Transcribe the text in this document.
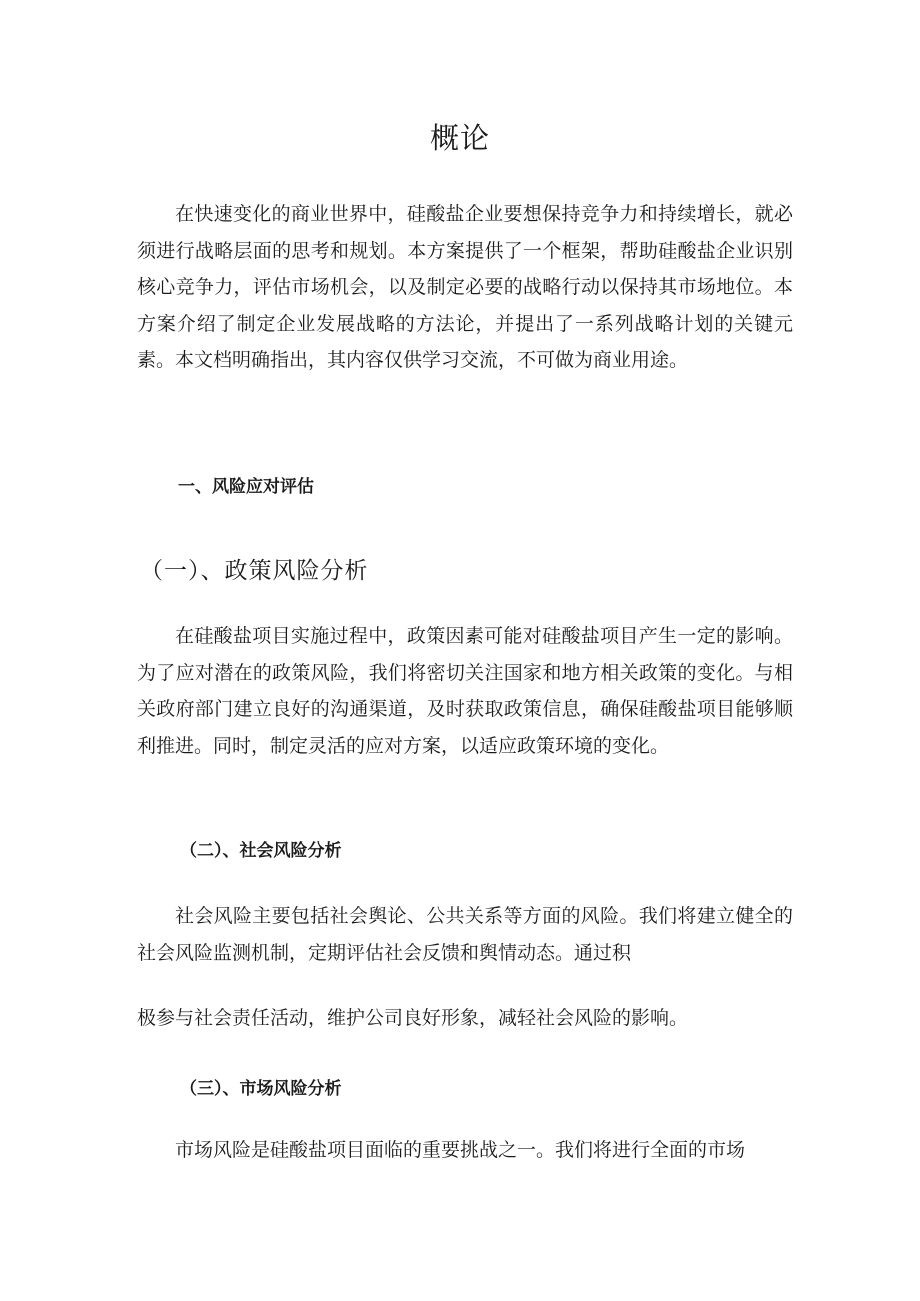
概论

在快速变化的商业世界中，硅酸盐企业要想保持竞争力和持续增长，就必须进行战略层面的思考和规划。本方案提供了一个框架，帮助硅酸盐企业识别核心竞争力，评估市场机会，以及制定必要的战略行动以保持其市场地位。本方案介绍了制定企业发展战略的方法论，并提出了一系列战略计划的关键元素。本文档明确指出，其内容仅供学习交流，不可做为商业用途。

一、风险应对评估
（一）、政策风险分析

在硅酸盐项目实施过程中，政策因素可能对硅酸盐项目产生一定的影响。为了应对潜在的政策风险，我们将密切关注国家和地方相关政策的变化。与相关政府部门建立良好的沟通渠道，及时获取政策信息，确保硅酸盐项目能够顺利推进。同时，制定灵活的应对方案，以适应政策环境的变化。

（二）、社会风险分析

社会风险主要包括社会舆论、公共关系等方面的风险。我们将建立健全的社会风险监测机制，定期评估社会反馈和舆情动态。通过积

极参与社会责任活动，维护公司良好形象，减轻社会风险的影响。

（三）、市场风险分析

市场风险是硅酸盐项目面临的重要挑战之一。我们将进行全面的市场
